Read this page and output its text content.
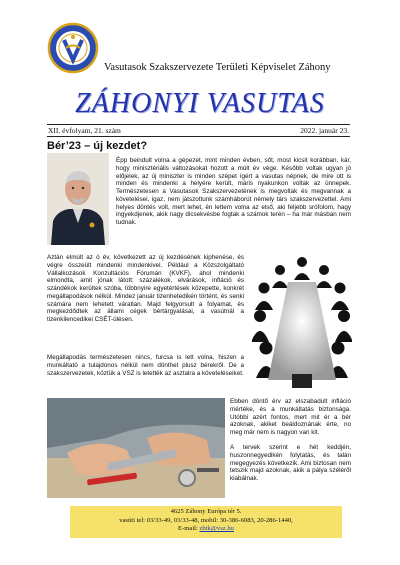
Vasutasok Szakszervezete Területi Képviselet Záhony
ZÁHONYI VASUTAS
XII. évfolyam, 21. szám	2022. január 23.
Bér’23 – új kezdet?
Épp beindult volna a gépezet, mint minden évben, sőt, most kicsit korábban, kár, hogy minisztériális változásokat hozott a múlt év vége. Később voltak ugyan jó előjelek, az új miniszter is minden szépet ígért a vasutas népnek, de mire ott is minden és mindenki a helyére került, máris nyakunkon voltak az ünnepek. Természetesen a Vasutasok Szakszervezetének is megvoltak és megvannak a követelései, igaz, nem játszottunk számháborút némely társ szakszervezettel. Ami helyes döntés volt, mert lehet, én lettem volna az első, aki feljebb srófolom, hagy ingyekdjenek, akik nagy dicsekvésbe fogtak a számok terén – ha már másban nem tudnak.
Aztán elmúlt az ó év, következett az új kezdésének kiphenése, és végre összeült mindenki mindenkivel. Például a Közszolgáltató Vállalkozások Konzultációs Fórumán (KVKF), ahol mindenki elmondta, amit jónak látott: százalékok, elvárások, infláció és szándékok kerültek szóba, többnyire egyetértések közepette, konkrét megállapodások nélkül. Mindez január tizenhetedikén történt, és senki számára nem lehetett váratlan. Majd felgyorsult a folyamat, és megkezdődtek az állami cégek bértárgyalásai, a vasútnál a tizenkilencedikei CSÉT-ülésen.
Megállapodás természetesen nincs, furcsa is lett volna, hiszen a munkáltató a tulajdonos nélkül nem dönthet plusz bérekről. De a szakszervezetek, köztük a VSZ is letették az asztalra a követeléseiket.
Ebben döntő érv az elszabadult infláció mértéke, és a munkáltatás biztonsága. Utóbbi azért fontos, mert mit ér a bér azoknak, akiket beáldoznának érte, no meg már nem is nagyon van kit.
A tervek szerint e hét keddjén, huszonnegyedikén folytatás, és talán megegyezés következik. Ami biztosan nem tetszik majd azoknak, akik a pálya széléről kiabálnak.
4625 Záhony Európa tér 5.
vasúti tel: 03/33-49, 03/33-48, mobil: 30-386-6083, 20-286-1440,
E-mail: zhtk@vsz.hu
